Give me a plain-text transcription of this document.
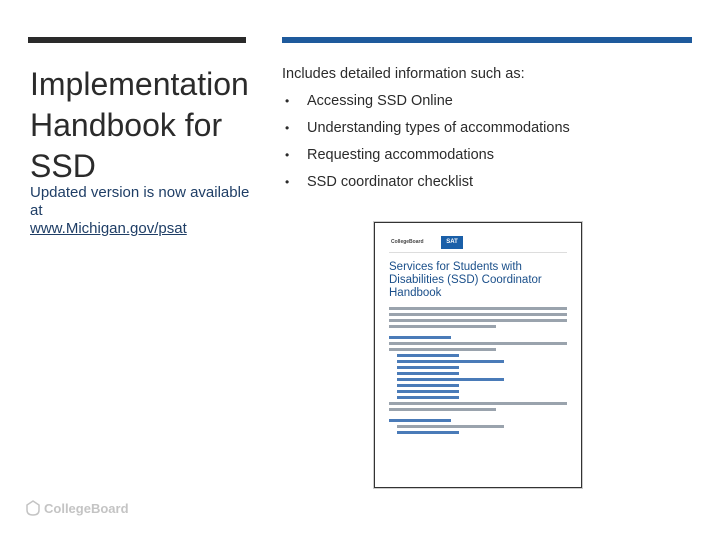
Implementation Handbook for SSD

Updated version is now available at
www.Michigan.gov/psat

Includes detailed information such as:
•	Accessing SSD Online
•	Understanding types of accommodations
•	Requesting accommodations
•	SSD coordinator checklist
CollegeBoard	SAT
Services for Students with Disabilities (SSD) Coordinator Handbook
CollegeBoard
